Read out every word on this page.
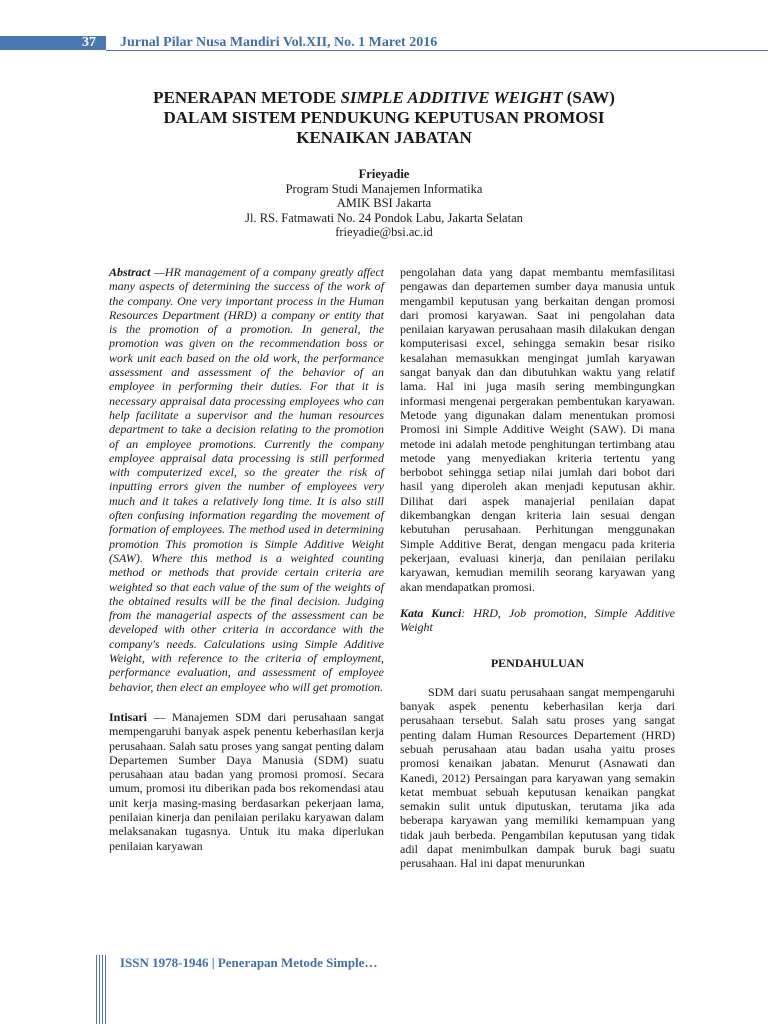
37 Jurnal Pilar Nusa Mandiri Vol.XII, No. 1 Maret 2016
PENERAPAN METODE SIMPLE ADDITIVE WEIGHT (SAW)
DALAM SISTEM PENDUKUNG KEPUTUSAN PROMOSI
KENAIKAN JABATAN
Frieyadie
Program Studi Manajemen Informatika
AMIK BSI Jakarta
Jl. RS. Fatmawati No. 24 Pondok Labu, Jakarta Selatan
frieyadie@bsi.ac.id

Abstract —HR management of a company greatly affect many aspects of determining the success of the work of the company. One very important process in the Human Resources Department (HRD) a company or entity that is the promotion of a promotion. In general, the promotion was given on the recommendation boss or work unit each based on the old work, the performance assessment and assessment of the behavior of an employee in performing their duties. For that it is necessary appraisal data processing employees who can help facilitate a supervisor and the human resources department to take a decision relating to the promotion of an employee promotions. Currently the company employee appraisal data processing is still performed with computerized excel, so the greater the risk of inputting errors given the number of employees very much and it takes a relatively long time. It is also still often confusing information regarding the movement of formation of employees. The method used in determining promotion This promotion is Simple Additive Weight (SAW). Where this method is a weighted counting method or methods that provide certain criteria are weighted so that each value of the sum of the weights of the obtained results will be the final decision. Judging from the managerial aspects of the assessment can be developed with other criteria in accordance with the company's needs. Calculations using Simple Additive Weight, with reference to the criteria of employment, performance evaluation, and assessment of employee behavior, then elect an employee who will get promotion.

Intisari — Manajemen SDM dari perusahaan sangat mempengaruhi banyak aspek penentu keberhasilan kerja perusahaan. Salah satu proses yang sangat penting dalam Departemen Sumber Daya Manusia (SDM) suatu perusahaan atau badan yang promosi promosi. Secara umum, promosi itu diberikan pada bos rekomendasi atau unit kerja masing-masing berdasarkan pekerjaan lama, penilaian kinerja dan penilaian perilaku karyawan dalam melaksanakan tugasnya. Untuk itu maka diperlukan penilaian karyawan

pengolahan data yang dapat membantu memfasilitasi pengawas dan departemen sumber daya manusia untuk mengambil keputusan yang berkaitan dengan promosi dari promosi karyawan. Saat ini pengolahan data penilaian karyawan perusahaan masih dilakukan dengan komputerisasi excel, sehingga semakin besar risiko kesalahan memasukkan mengingat jumlah karyawan sangat banyak dan dan dibutuhkan waktu yang relatif lama. Hal ini juga masih sering membingungkan informasi mengenai pergerakan pembentukan karyawan. Metode yang digunakan dalam menentukan promosi Promosi ini Simple Additive Weight (SAW). Di mana metode ini adalah metode penghitungan tertimbang atau metode yang menyediakan kriteria tertentu yang berbobot sehingga setiap nilai jumlah dari bobot dari hasil yang diperoleh akan menjadi keputusan akhir. Dilihat dari aspek manajerial penilaian dapat dikembangkan dengan kriteria lain sesuai dengan kebutuhan perusahaan. Perhitungan menggunakan Simple Additive Berat, dengan mengacu pada kriteria pekerjaan, evaluasi kinerja, dan penilaian perilaku karyawan, kemudian memilih seorang karyawan yang akan mendapatkan promosi.

Kata Kunci: HRD, Job promotion, Simple Additive Weight

PENDAHULUAN

SDM dari suatu perusahaan sangat mempengaruhi banyak aspek penentu keberhasilan kerja dari perusahaan tersebut. Salah satu proses yang sangat penting dalam Human Resources Departement (HRD) sebuah perusahaan atau badan usaha yaitu proses promosi kenaikan jabatan. Menurut (Asnawati dan Kanedi, 2012) Persaingan para karyawan yang semakin ketat membuat sebuah keputusan kenaikan pangkat semakin sulit untuk diputuskan, terutama jika ada beberapa karyawan yang memiliki kemampuan yang tidak jauh berbeda. Pengambilan keputusan yang tidak adil dapat menimbulkan dampak buruk bagi suatu perusahaan. Hal ini dapat menurunkan

ISSN 1978-1946 | Penerapan Metode Simple…
